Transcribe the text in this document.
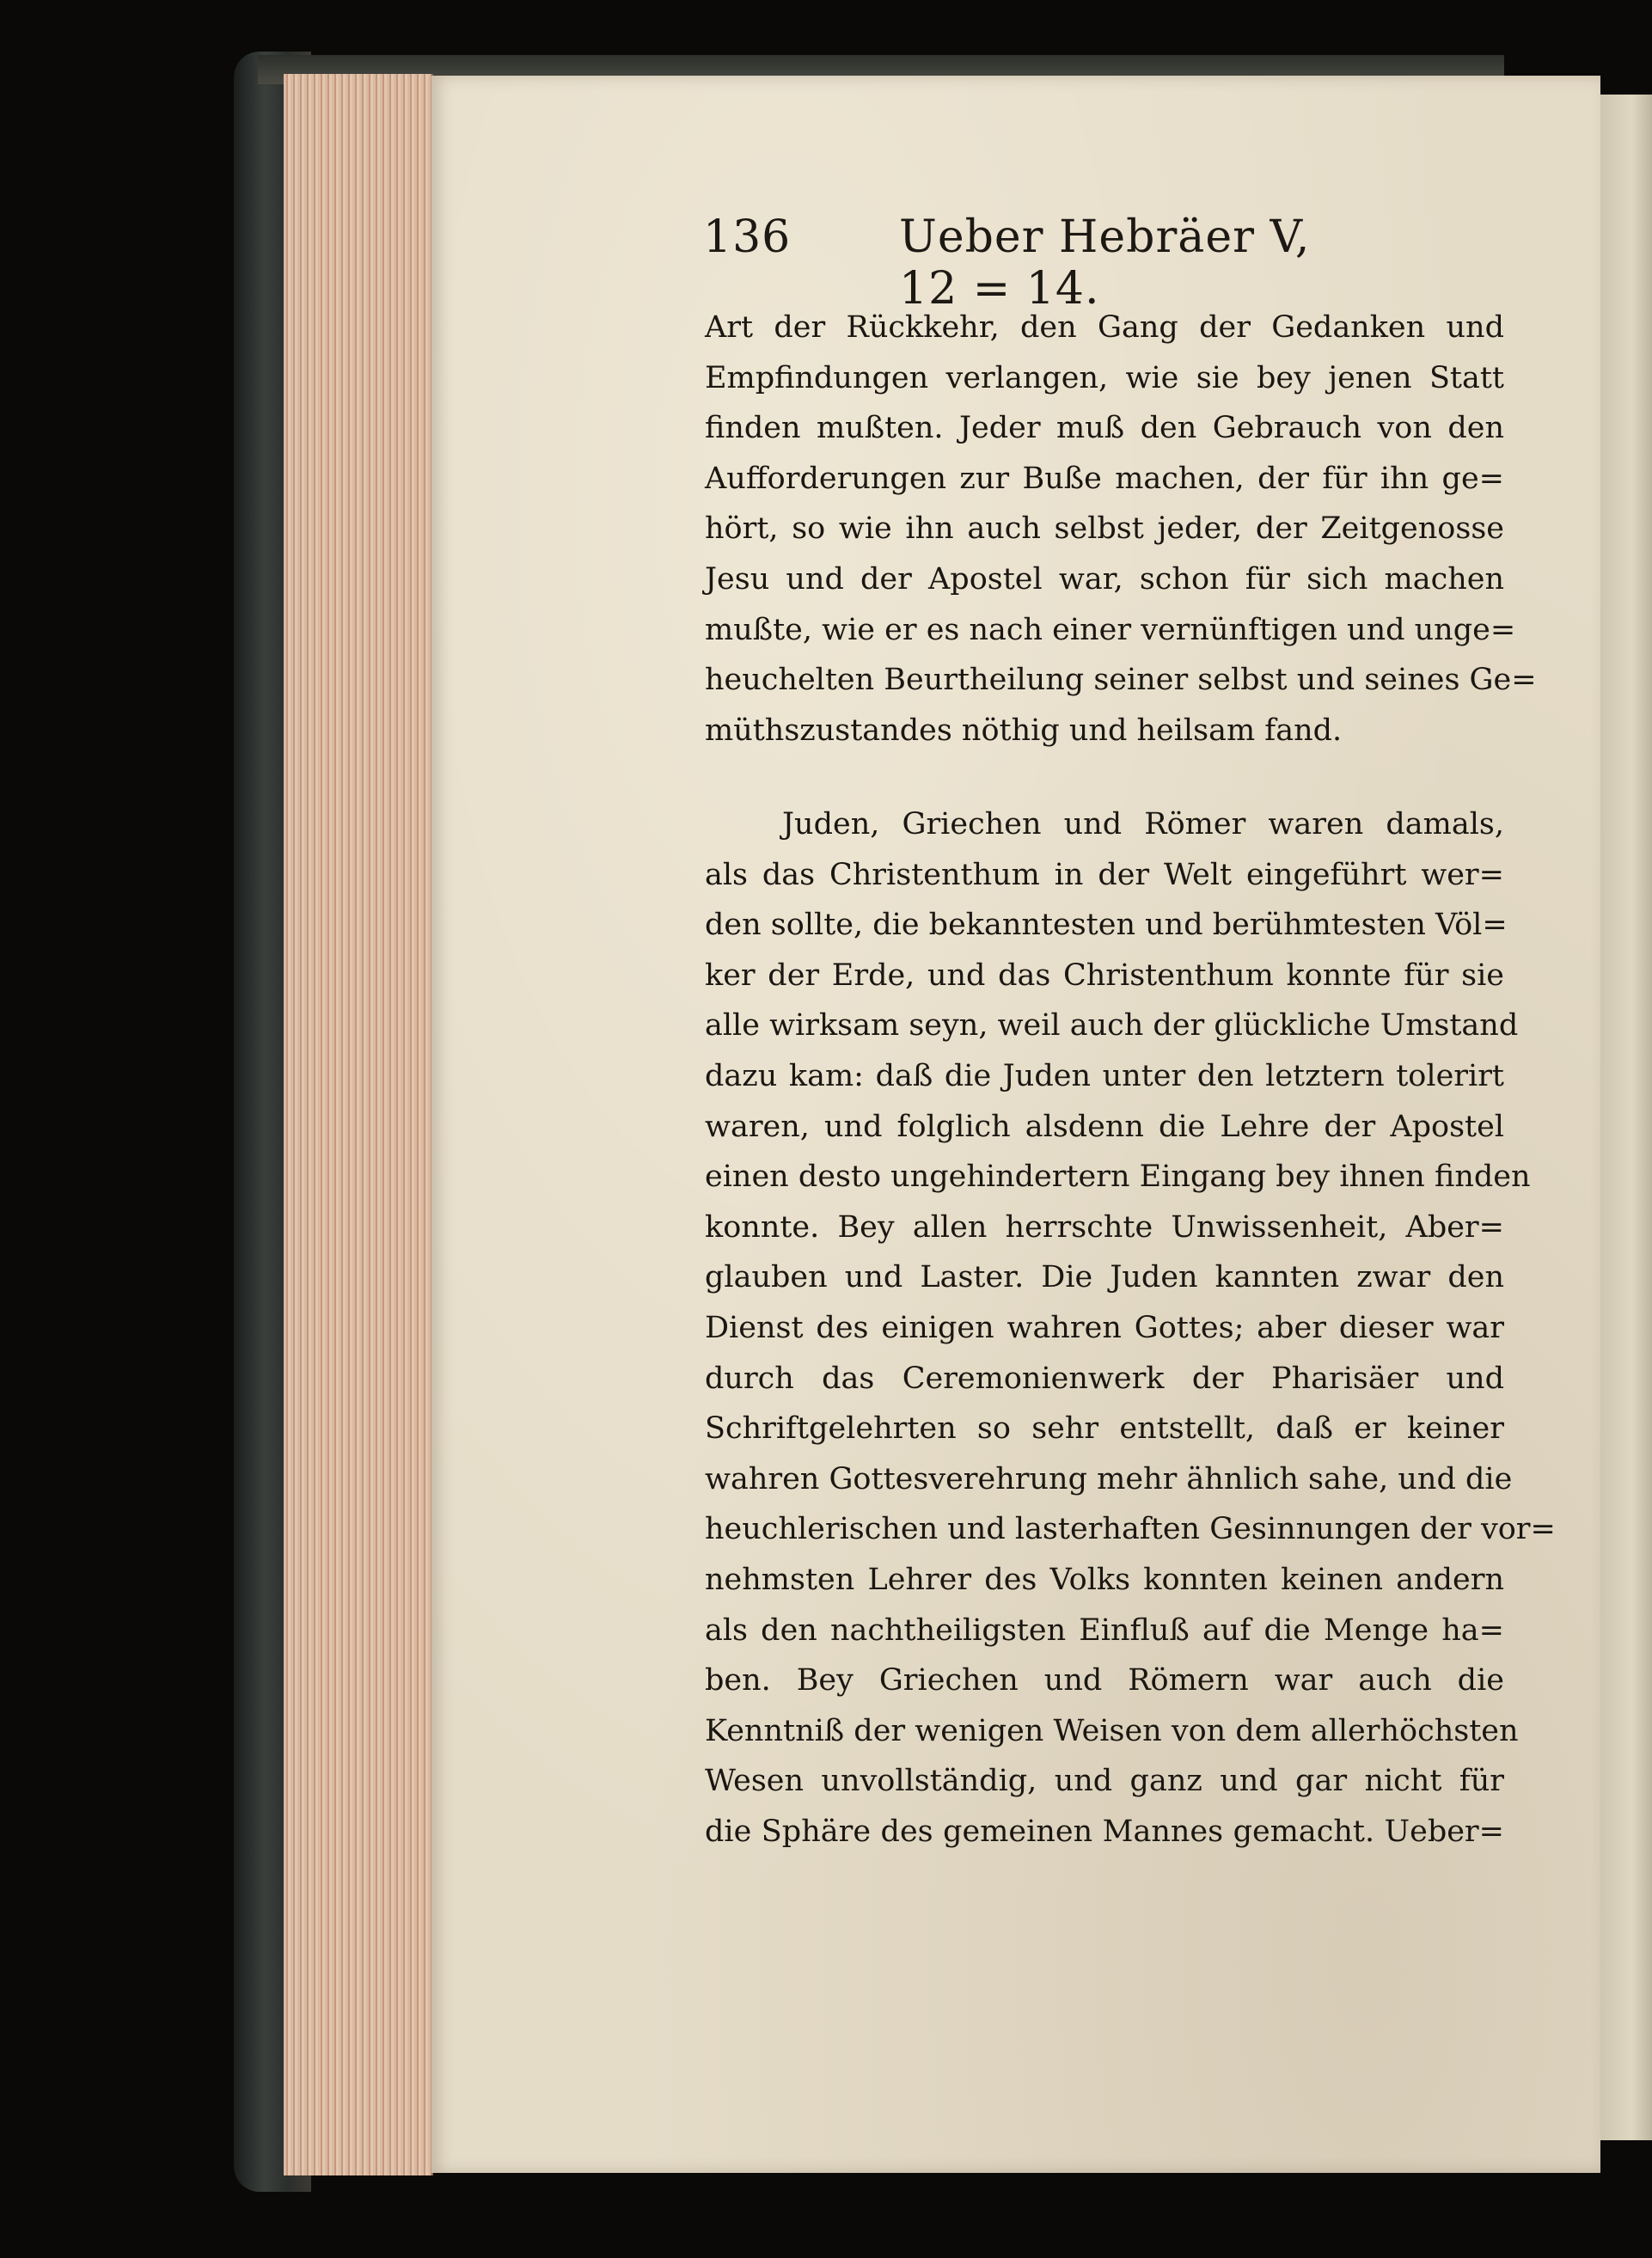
136 Ueber Hebräer V, 12 = 14.
Art der Rückkehr, den Gang der Gedanken und
Empfindungen verlangen, wie sie bey jenen Statt
finden mußten. Jeder muß den Gebrauch von den
Aufforderungen zur Buße machen, der für ihn ge=
hört, so wie ihn auch selbst jeder, der Zeitgenosse
Jesu und der Apostel war, schon für sich machen
mußte, wie er es nach einer vernünftigen und unge=
heuchelten Beurtheilung seiner selbst und seines Ge=
müthszustandes nöthig und heilsam fand.
Juden, Griechen und Römer waren damals,
als das Christenthum in der Welt eingeführt wer=
den sollte, die bekanntesten und berühmtesten Völ=
ker der Erde, und das Christenthum konnte für sie
alle wirksam seyn, weil auch der glückliche Umstand
dazu kam: daß die Juden unter den letztern tolerirt
waren, und folglich alsdenn die Lehre der Apostel
einen desto ungehindertern Eingang bey ihnen finden
konnte. Bey allen herrschte Unwissenheit, Aber=
glauben und Laster. Die Juden kannten zwar den
Dienst des einigen wahren Gottes; aber dieser war
durch das Ceremonienwerk der Pharisäer und
Schriftgelehrten so sehr entstellt, daß er keiner
wahren Gottesverehrung mehr ähnlich sahe, und die
heuchlerischen und lasterhaften Gesinnungen der vor=
nehmsten Lehrer des Volks konnten keinen andern
als den nachtheiligsten Einfluß auf die Menge ha=
ben. Bey Griechen und Römern war auch die
Kenntniß der wenigen Weisen von dem allerhöchsten
Wesen unvollständig, und ganz und gar nicht für
die Sphäre des gemeinen Mannes gemacht. Ueber=
